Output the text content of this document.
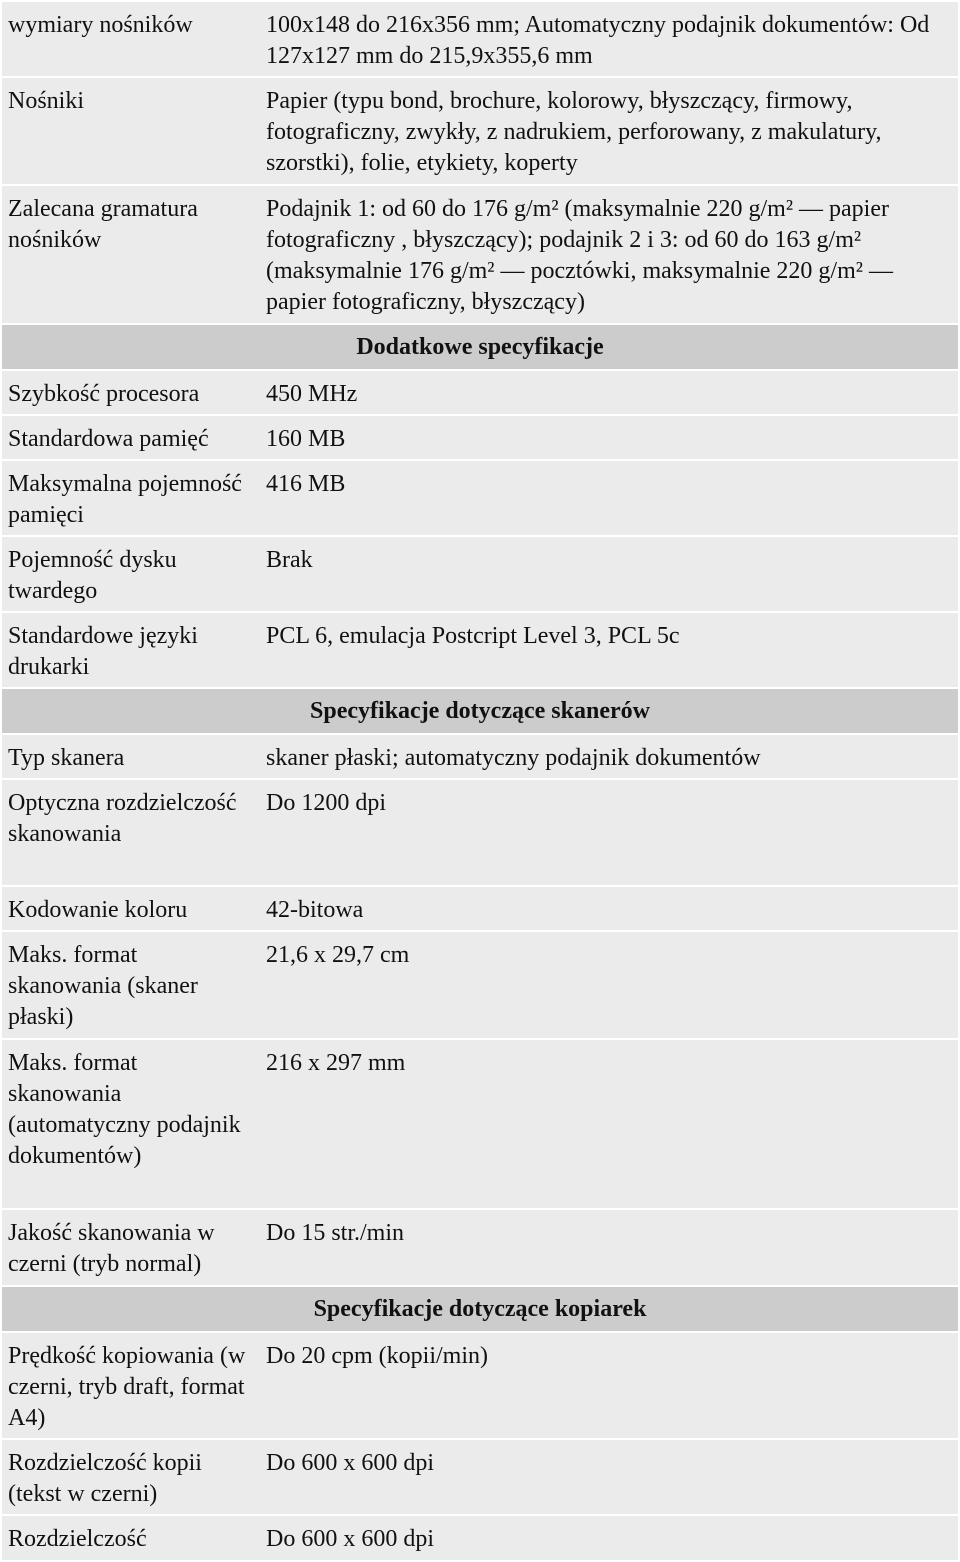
wymiary nośników	100x148 do 216x356 mm; Automatyczny podajnik dokumentów: Od 127x127 mm do 215,9x355,6 mm
Nośniki	Papier (typu bond, brochure, kolorowy, błyszczący, firmowy, fotograficzny, zwykły, z nadrukiem, perforowany, z makulatury, szorstki), folie, etykiety, koperty
Zalecana gramatura nośników	Podajnik 1: od 60 do 176 g/m² (maksymalnie 220 g/m² — papier fotograficzny , błyszczący); podajnik 2 i 3: od 60 do 163 g/m² (maksymalnie 176 g/m² — pocztówki, maksymalnie 220 g/m² — papier fotograficzny, błyszczący)
Dodatkowe specyfikacje	
Szybkość procesora	450 MHz
Standardowa pamięć	160 MB
Maksymalna pojemność pamięci	416 MB
Pojemność dysku twardego	Brak
Standardowe języki drukarki	PCL 6, emulacja Postcript Level 3, PCL 5c
Specyfikacje dotyczące skanerów	
Typ skanera	skaner płaski; automatyczny podajnik dokumentów
Optyczna rozdzielczość skanowania	Do 1200 dpi
Kodowanie koloru	42-bitowa
Maks. format skanowania (skaner płaski)	21,6 x 29,7 cm
Maks. format skanowania (automatyczny podajnik dokumentów)	216 x 297 mm
Jakość skanowania w czerni (tryb normal)	Do 15 str./min
Specyfikacje dotyczące kopiarek	
Prędkość kopiowania (w czerni, tryb draft, format A4)	Do 20 cpm (kopii/min)
Rozdzielczość kopii (tekst w czerni)	Do 600 x 600 dpi
Rozdzielczość	Do 600 x 600 dpi
